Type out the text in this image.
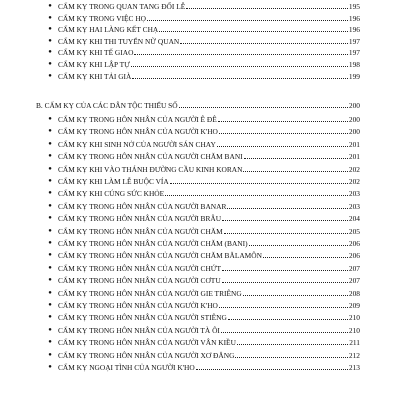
● CẤM KỴ TRONG QUAN TANG ĐỐI LỄ	195
● CẤM KỴ TRONG VIỆC HỌ	196
● CẤM KỴ HAI LÀNG KẾT CHẠ	196
● CẤM KỴ KHI THI TUYỂN NỮ QUAN	197
● CẤM KỴ KHI TẾ GIAO	197
● CẤM KỴ KHI LẬP TỰ	198
● CẤM KỴ KHI TẢI GIÀ	199
B. CẤM KỴ CỦA CÁC DÂN TỘC THIỂU SỐ	200
● CẤM KỴ TRONG HÔN NHÂN CỦA NGƯỜI Ê ĐÊ	200
● CẤM KỴ TRONG HÔN NHÂN CỦA NGƯỜI K'HO	200
● CẤM KỴ KHI SINH NỞ CỦA NGƯỜI SÁN CHAY	201
● CẤM KỴ TRONG HÔN NHÂN CỦA NGƯỜI CHĂM BANI	201
● CẤM KỴ KHI VÀO THÁNH ĐƯỜNG CẦU KINH KORAN	202
● CẤM KỴ KHI LÀM LỄ BUỘC VÍA	202
● CẤM KỴ KHI CÚNG SỨC KHỎE	203
● CẤM KỴ TRONG HÔN NHÂN CỦA NGƯỜI BANAR	203
● CẤM KỴ TRONG HÔN NHÂN CỦA NGƯỜI BRÂU	204
● CẤM KỴ TRONG HÔN NHÂN CỦA NGƯỜI CHĂM	205
● CẤM KỴ TRONG HÔN NHÂN CỦA NGƯỜI CHĂM (BANI)	206
● CẤM KỴ TRONG HÔN NHÂN CỦA NGƯỜI CHĂM BĂLAMÔN	206
● CẤM KỴ TRONG HÔN NHÂN CỦA NGƯỜI CHỨT	207
● CẤM KỴ TRONG HÔN NHÂN CỦA NGƯỜI CƠTU	207
● CẤM KỴ TRONG HÔN NHÂN CỦA NGƯỜI GIE TRIÊNG	208
● CẤM KỴ TRONG HÔN NHÂN CỦA NGƯỜI K'HO	209
● CẤM KỴ TRONG HÔN NHÂN CỦA NGƯỜI STIÊNG	210
● CẤM KỴ TRONG HÔN NHÂN CỦA NGƯỜI TÀ ÔI	210
● CẤM KỴ TRONG HÔN NHÂN CỦA NGƯỜI VÂN KIỀU	211
● CẤM KỴ TRONG HÔN NHÂN CỦA NGƯỜI XƠ ĐĂNG	212
● CẤM KỴ NGOẠI TÌNH CỦA NGƯỜI K'HO	213
